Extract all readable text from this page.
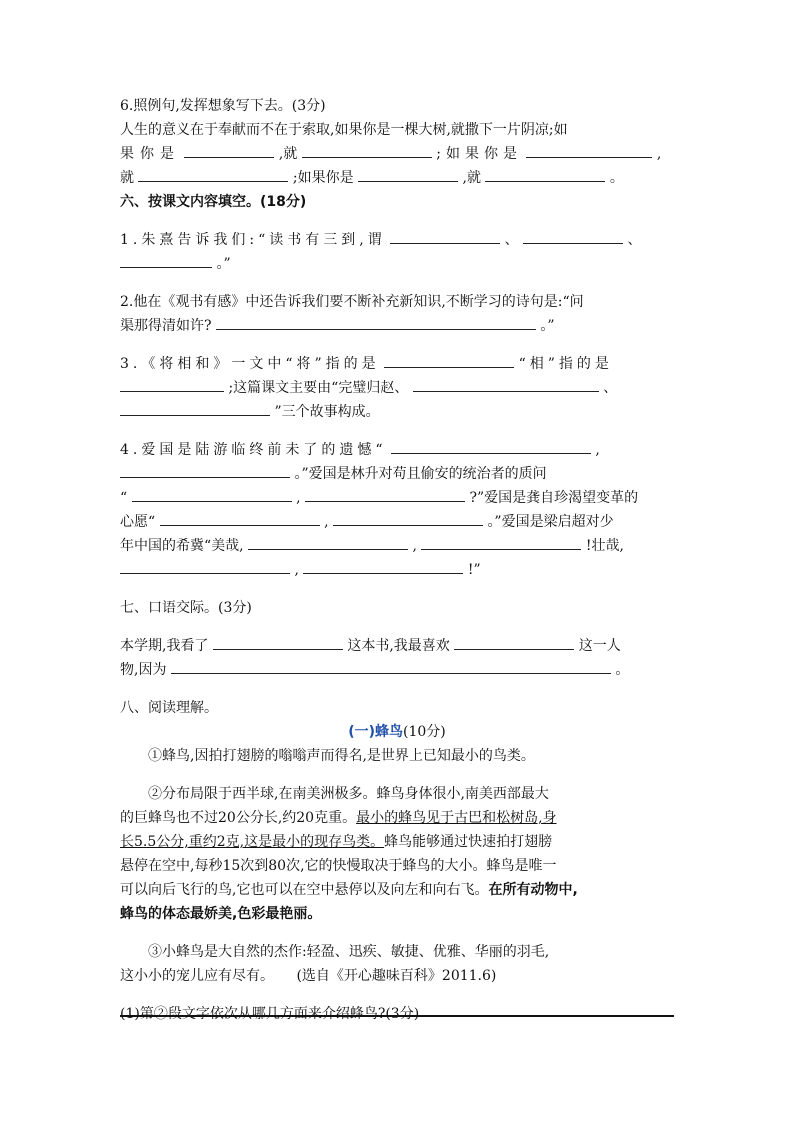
6.照例句,发挥想象写下去。(3分)
人生的意义在于奉献而不在于索取,如果你是一棵大树,就撒下一片阴凉;如
果你是	,就	;如果你是	,
就	;如果你是	,就	。
六、按课文内容填空。(18分)
1.朱熹告诉我们:“读书有三到,谓	、	、
。”
2.他在《观书有感》中还告诉我们要不断补充新知识,不断学习的诗句是:“问
渠那得清如许?	。”
3.《将相和》一文中“将”指的是	“相”指的是
;这篇课文主要由“完璧归赵、	、
”三个故事构成。
4.爱国是陆游临终前未了的遗憾“	,
。”爱国是林升对苟且偷安的统治者的质问
“	,	?”爱国是龚自珍渴望变革的
心愿“	,	。”爱国是梁启超对少
年中国的希冀“美哉,	,	!壮哉,
,	!”
七、口语交际。(3分)
本学期,我看了	这本书,我最喜欢	这一人
物,因为	。
八、阅读理解。
(一)蜂鸟(10分)
①蜂鸟,因拍打翅膀的嗡嗡声而得名,是世界上已知最小的鸟类。
②分布局限于西半球,在南美洲极多。蜂鸟身体很小,南美西部最大
的巨蜂鸟也不过20公分长,约20克重。最小的蜂鸟见于古巴和松树岛,身
长5.5公分,重约2克,这是最小的现存鸟类。蜂鸟能够通过快速拍打翅膀
悬停在空中,每秒15次到80次,它的快慢取决于蜂鸟的大小。蜂鸟是唯一
可以向后飞行的鸟,它也可以在空中悬停以及向左和向右飞。在所有动物中,
蜂鸟的体态最娇美,色彩最艳丽。
③小蜂鸟是大自然的杰作:轻盈、迅疾、敏捷、优雅、华丽的羽毛,
这小小的宠儿应有尽有。 (选自《开心趣味百科》2011.6)
(1)第②段文字依次从哪几方面来介绍蜂鸟?(3分)
